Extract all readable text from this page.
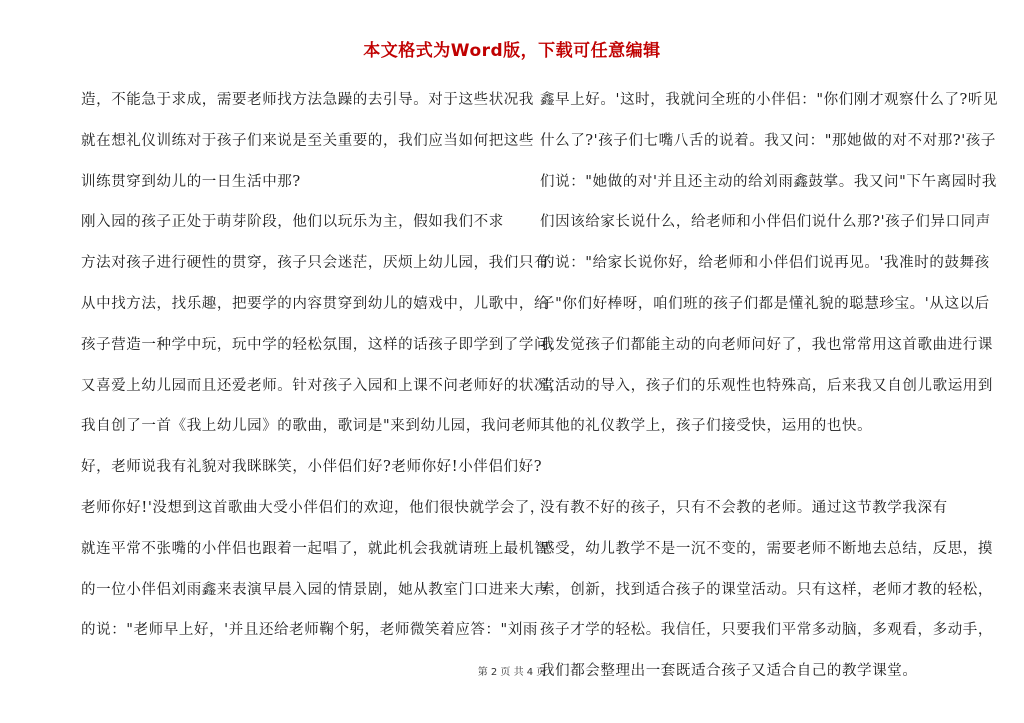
本文格式为Word版，下载可任意编辑
造，不能急于求成，需要老师找方法急躁的去引导。对于这些状况我
就在想礼仪训练对于孩子们来说是至关重要的，我们应当如何把这些
训练贯穿到幼儿的一日生活中那?
刚入园的孩子正处于萌芽阶段，他们以玩乐为主，假如我们不求
方法对孩子进行硬性的贯穿，孩子只会迷茫，厌烦上幼儿园，我们只有
从中找方法，找乐趣，把要学的内容贯穿到幼儿的嬉戏中，儿歌中，给
孩子营造一种学中玩，玩中学的轻松氛围，这样的话孩子即学到了学问，
又喜爱上幼儿园而且还爱老师。针对孩子入园和上课不问老师好的状况，
我自创了一首《我上幼儿园》的歌曲，歌词是"来到幼儿园，我问老师
好，老师说我有礼貌对我眯眯笑，小伴侣们好?老师你好!小伴侣们好?
老师你好!'没想到这首歌曲大受小伴侣们的欢迎，他们很快就学会了，
就连平常不张嘴的小伴侣也跟着一起唱了，就此机会我就请班上最机智
的一位小伴侣刘雨鑫来表演早晨入园的情景剧，她从教室门口进来大声
的说："老师早上好，'并且还给老师鞠个躬，老师微笑着应答："刘雨
鑫早上好。'这时，我就问全班的小伴侣："你们刚才观察什么了?听见
什么了?'孩子们七嘴八舌的说着。我又问："那她做的对不对那?'孩子
们说："她做的对'并且还主动的给刘雨鑫鼓掌。我又问"下午离园时我
们因该给家长说什么，给老师和小伴侣们说什么那?'孩子们异口同声
的说："给家长说你好，给老师和小伴侣们说再见。'我准时的鼓舞孩
子"你们好棒呀，咱们班的孩子们都是懂礼貌的聪慧珍宝。'从这以后
我发觉孩子们都能主动的向老师问好了，我也常常用这首歌曲进行课
堂活动的导入，孩子们的乐观性也特殊高，后来我又自创儿歌运用到
其他的礼仪教学上，孩子们接受快，运用的也快。
没有教不好的孩子，只有不会教的老师。通过这节教学我深有
感受，幼儿教学不是一沉不变的，需要老师不断地去总结，反思，摸
索，创新，找到适合孩子的课堂活动。只有这样，老师才教的轻松，
孩子才学的轻松。我信任，只要我们平常多动脑，多观看，多动手，
我们都会整理出一套既适合孩子又适合自己的教学课堂。
第 2 页 共 4 页
